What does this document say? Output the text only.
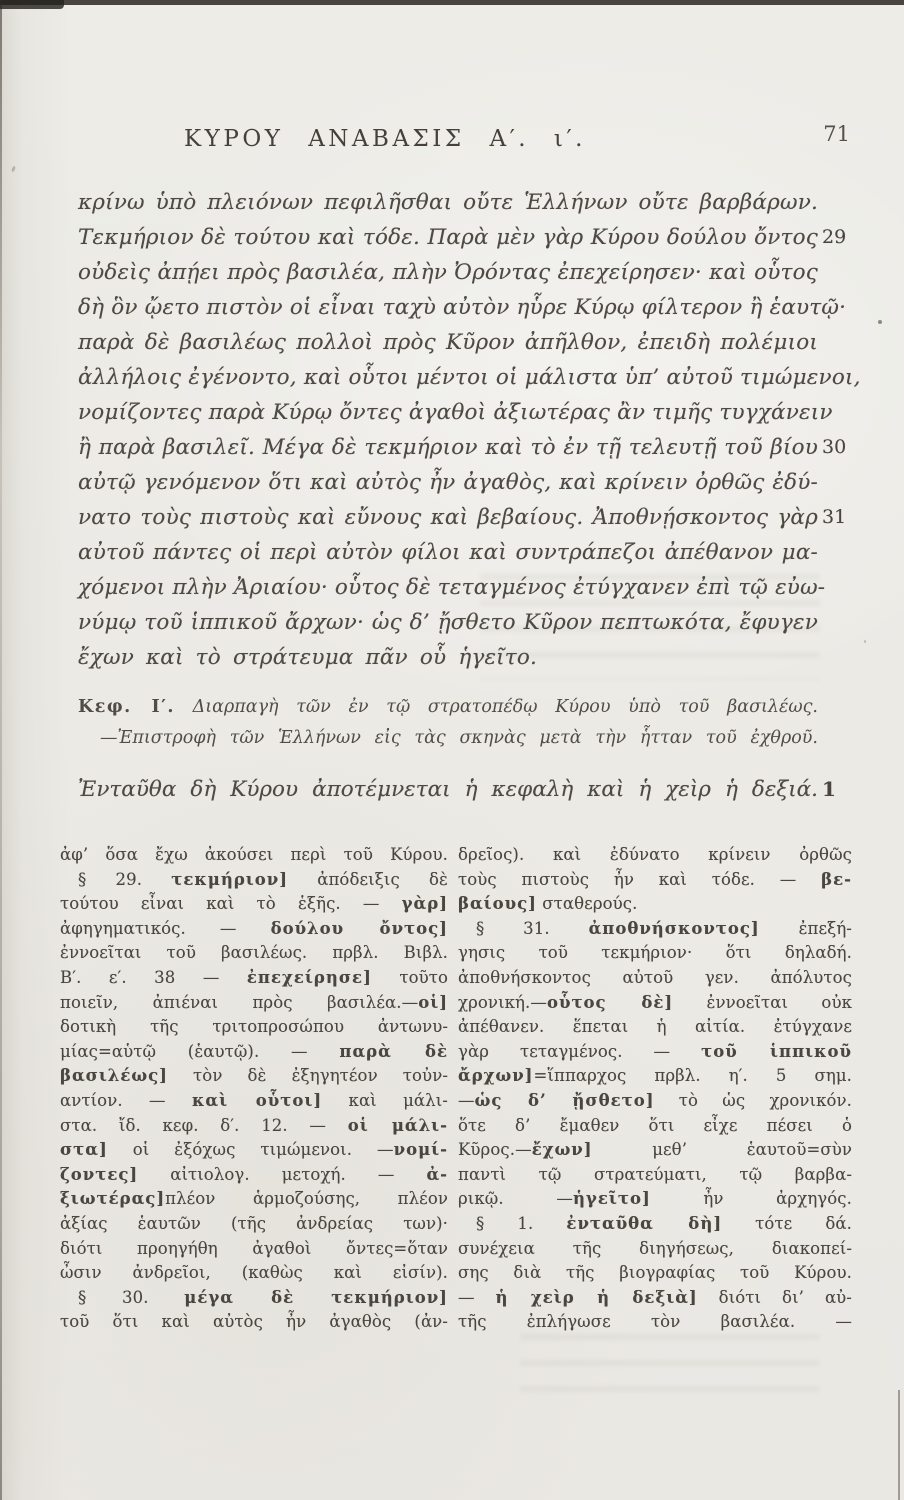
ΚΥΡΟΥ ΑΝΑΒΑΣΙΣ Α′. ι′.	71
κρίνω ὑπὸ πλειόνων πεφιλῆσθαι οὔτε Ἑλλήνων οὔτε βαρβάρων.
Τεκμήριον δὲ τούτου καὶ τόδε. Παρὰ μὲν γὰρ Κύρου δούλου ὄντος 29
οὐδεὶς ἀπῄει πρὸς βασιλέα, πλὴν Ὀρόντας ἐπεχείρησεν· καὶ οὗτος
δὴ ὃν ᾤετο πιστὸν οἱ εἶναι ταχὺ αὐτὸν ηὗρε Κύρῳ φίλτερον ἢ ἑαυτῷ·
παρὰ δὲ βασιλέως πολλοὶ πρὸς Κῦρον ἀπῆλθον, ἐπειδὴ πολέμιοι
ἀλλήλοις ἐγένοντο, καὶ οὗτοι μέντοι οἱ μάλιστα ὑπ’ αὐτοῦ τιμώμενοι,
νομίζοντες παρὰ Κύρῳ ὄντες ἀγαθοὶ ἀξιωτέρας ἂν τιμῆς τυγχάνειν
ἢ παρὰ βασιλεῖ. Μέγα δὲ τεκμήριον καὶ τὸ ἐν τῇ τελευτῇ τοῦ βίου 30
αὐτῷ γενόμενον ὅτι καὶ αὐτὸς ἦν ἀγαθὸς, καὶ κρίνειν ὀρθῶς ἐδύ-
νατο τοὺς πιστοὺς καὶ εὔνους καὶ βεβαίους. Ἀποθνῄσκοντος γὰρ 31
αὐτοῦ πάντες οἱ περὶ αὐτὸν φίλοι καὶ συντράπεζοι ἀπέθανον μα-
χόμενοι πλὴν Ἀριαίου· οὗτος δὲ τεταγμένος ἐτύγχανεν ἐπὶ τῷ εὐω-
νύμῳ τοῦ ἱππικοῦ ἄρχων· ὡς δ’ ᾔσθετο Κῦρον πεπτωκότα, ἔφυγεν
ἔχων καὶ τὸ στράτευμα πᾶν οὗ ἡγεῖτο.
Κεφ. Ι′. Διαρπαγὴ τῶν ἐν τῷ στρατοπέδῳ Κύρου ὑπὸ τοῦ βασιλέως.
—Ἐπιστροφὴ τῶν Ἑλλήνων εἰς τὰς σκηνὰς μετὰ τὴν ἧτταν τοῦ ἐχθροῦ.
Ἐνταῦθα δὴ Κύρου ἀποτέμνεται ἡ κεφαλὴ καὶ ἡ χεὶρ ἡ δεξιά. 1
ἀφ’ ὅσα ἔχω ἀκούσει περὶ τοῦ Κύρου.
§ 29. τεκμήριον] ἀπόδειξις δὲ
τούτου εἶναι καὶ τὸ ἑξῆς. — γὰρ]
ἀφηγηματικός. — δούλου ὄντος]
ἐννοεῖται τοῦ βασιλέως. πρβλ. Βιβλ.
Β′. ε′. 38 — ἐπεχείρησε] τοῦτο
ποιεῖν, ἀπιέναι πρὸς βασιλέα.—οἱ]
δοτικὴ τῆς τριτοπροσώπου ἀντωνυ-
μίας=αὑτῷ (ἑαυτῷ). — παρὰ δὲ
βασιλέως] τὸν δὲ ἐξηγητέον τοὐν-
αντίον. — καὶ οὗτοι] καὶ μάλι-
στα. ἴδ. κεφ. δ′. 12. — οἱ μάλι-
στα] οἱ ἐξόχως τιμώμενοι. —νομί-
ζοντες] αἰτιολογ. μετοχή. — ἀ-
ξιωτέρας]πλέον ἁρμοζούσης, πλέον
ἀξίας ἑαυτῶν (τῆς ἀνδρείας των)·
διότι προηγήθη ἀγαθοὶ ὄντες=ὅταν
ὦσιν ἀνδρεῖοι, (καθὼς καὶ εἰσίν).
§ 30. μέγα δὲ τεκμήριον]
τοῦ ὅτι καὶ αὐτὸς ἦν ἀγαθὸς (ἀν-
δρεῖος). καὶ ἐδύνατο κρίνειν ὀρθῶς
τοὺς πιστοὺς ἦν καὶ τόδε. — βε-
βαίους] σταθερούς.
§ 31. ἀποθνήσκοντος] ἐπεξή-
γησις τοῦ τεκμήριον· ὅτι δηλαδή.
ἀποθνήσκοντος αὐτοῦ γεν. ἀπόλυτος
χρονική.—οὗτος δὲ] ἐννοεῖται οὐκ
ἀπέθανεν. ἕπεται ἡ αἰτία. ἐτύγχανε
γὰρ τεταγμένος. — τοῦ ἱππικοῦ
ἄρχων]=ἵππαρχος πρβλ. η′. 5 σημ.
—ὡς δ’ ᾔσθετο] τὸ ὡς χρονικόν.
ὅτε δ’ ἔμαθεν ὅτι εἶχε πέσει ὁ
Κῦρος.—ἔχων] μεθ’ ἑαυτοῦ=σὺν
παντὶ τῷ στρατεύματι, τῷ βαρβα-
ρικῷ. —ἡγεῖτο] ἦν ἀρχηγός.
§ 1. ἐνταῦθα δὴ] τότε δά.
συνέχεια τῆς διηγήσεως, διακοπεί-
σης διὰ τῆς βιογραφίας τοῦ Κύρου.
— ἡ χεὶρ ἡ δεξιὰ] διότι δι’ αὐ-
τῆς ἐπλήγωσε τὸν βασιλέα. —
